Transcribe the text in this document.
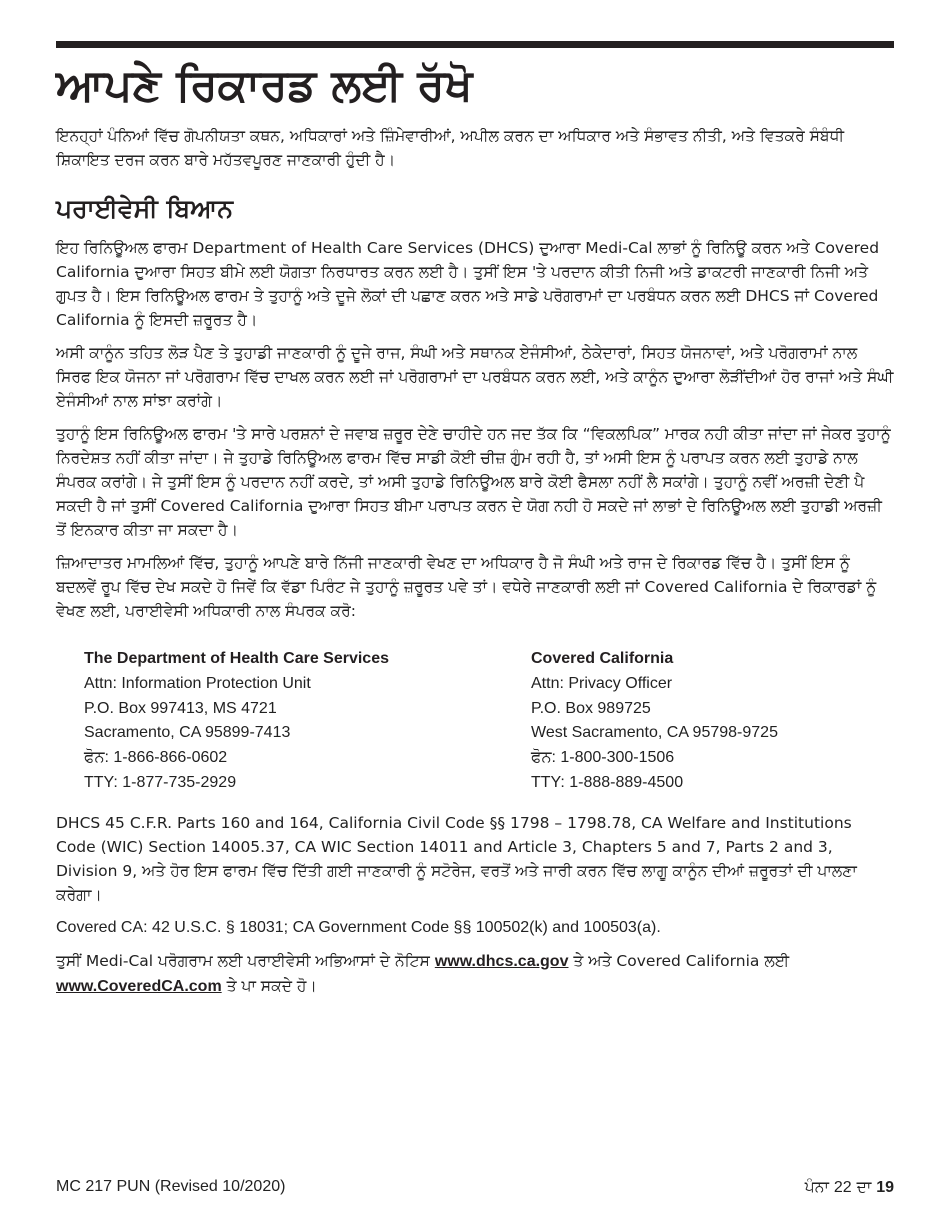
ਆਪਣੇ ਰਿਕਾਰਡ ਲਈ ਰੱਖੋ
ਇਨਹ੍ਹਾਂ ਪੰਨਿਆਂ ਵਿੱਚ ਗੋਪਨੀਯਤਾ ਕਥਨ, ਅਧਿਕਾਰਾਂ ਅਤੇ ਜ਼ਿੰਮੇਵਾਰੀਆਂ, ਅਪੀਲ ਕਰਨ ਦਾ ਅਧਿਕਾਰ ਅਤੇ ਸੰਭਾਵਤ ਨੀਤੀ, ਅਤੇ ਵਿਤਕਰੇ ਸੰਬੰਧੀ ਸ਼ਿਕਾਇਤ ਦਰਜ ਕਰਨ ਬਾਰੇ ਮਹੱਤਵਪੂਰਣ ਜਾਣਕਾਰੀ ਹੁੰਦੀ ਹੈ।
ਪਰਾਈਵੇਸੀ ਬਿਆਨ

ਇਹ ਰਿਨਿਊਅਲ ਫਾਰਮ Department of Health Care Services (DHCS) ਦੁਆਰਾ Medi-Cal ਲਾਭਾਂ ਨੂੰ ਰਿਨਿਊ ਕਰਨ ਅਤੇ Covered California ਦੁਆਰਾ ਸਿਹਤ ਬੀਮੇ ਲਈ ਯੋਗਤਾ ਨਿਰਧਾਰਤ ਕਰਨ ਲਈ ਹੈ। ਤੁਸੀਂ ਇਸ 'ਤੇ ਪਰਦਾਨ ਕੀਤੀ ਨਿਜੀ ਅਤੇ ਡਾਕਟਰੀ ਜਾਣਕਾਰੀ ਨਿਜੀ ਅਤੇ ਗੁਪਤ ਹੈ। ਇਸ ਰਿਨਿਊਅਲ ਫਾਰਮ ਤੇ ਤੁਹਾਨੂੰ ਅਤੇ ਦੂਜੇ ਲੋਕਾਂ ਦੀ ਪਛਾਣ ਕਰਨ ਅਤੇ ਸਾਡੇ ਪਰੋਗਰਾਮਾਂ ਦਾ ਪਰਬੰਧਨ ਕਰਨ ਲਈ DHCS ਜਾਂ Covered California ਨੂੰ ਇਸਦੀ ਜ਼ਰੂਰਤ ਹੈ।

ਅਸੀ ਕਾਨੂੰਨ ਤਹਿਤ ਲੋੜ ਪੈਣ ਤੇ ਤੁਹਾਡੀ ਜਾਣਕਾਰੀ ਨੂੰ ਦੂਜੇ ਰਾਜ, ਸੰਘੀ ਅਤੇ ਸਥਾਨਕ ਏਜੰਸੀਆਂ, ਠੇਕੇਦਾਰਾਂ, ਸਿਹਤ ਯੋਜਨਾਵਾਂ, ਅਤੇ ਪਰੋਗਰਾਮਾਂ ਨਾਲ ਸਿਰਫ ਇਕ ਯੋਜਨਾ ਜਾਂ ਪਰੋਗਰਾਮ ਵਿੱਚ ਦਾਖਲ ਕਰਨ ਲਈ ਜਾਂ ਪਰੋਗਰਾਮਾਂ ਦਾ ਪਰਬੰਧਨ ਕਰਨ ਲਈ, ਅਤੇ ਕਾਨੂੰਨ ਦੁਆਰਾ ਲੋੜੀਂਦੀਆਂ ਹੋਰ ਰਾਜਾਂ ਅਤੇ ਸੰਘੀ ਏਜੰਸੀਆਂ ਨਾਲ ਸਾਂਝਾ ਕਰਾਂਗੇ।

ਤੁਹਾਨੂੰ ਇਸ ਰਿਨਿਊਅਲ ਫਾਰਮ 'ਤੇ ਸਾਰੇ ਪਰਸ਼ਨਾਂ ਦੇ ਜਵਾਬ ਜ਼ਰੂਰ ਦੇਣੇ ਚਾਹੀਦੇ ਹਨ ਜਦ ਤੱਕ ਕਿ “ਵਿਕਲਪਿਕ” ਮਾਰਕ ਨਹੀ ਕੀਤਾ ਜਾਂਦਾ ਜਾਂ ਜੇਕਰ ਤੁਹਾਨੂੰ ਨਿਰਦੇਸ਼ਤ ਨਹੀਂ ਕੀਤਾ ਜਾਂਦਾ। ਜੇ ਤੁਹਾਡੇ ਰਿਨਿਊਅਲ ਫਾਰਮ ਵਿੱਚ ਸਾਡੀ ਕੋਈ ਚੀਜ਼ ਗੁੰਮ ਰਹੀ ਹੈ, ਤਾਂ ਅਸੀ ਇਸ ਨੂੰ ਪਰਾਪਤ ਕਰਨ ਲਈ ਤੁਹਾਡੇ ਨਾਲ ਸੰਪਰਕ ਕਰਾਂਗੇ। ਜੇ ਤੁਸੀਂ ਇਸ ਨੂੰ ਪਰਦਾਨ ਨਹੀਂ ਕਰਦੇ, ਤਾਂ ਅਸੀ ਤੁਹਾਡੇ ਰਿਨਿਊਅਲ ਬਾਰੇ ਕੋਈ ਫੈਸਲਾ ਨਹੀਂ ਲੈ ਸਕਾਂਗੇ। ਤੁਹਾਨੂੰ ਨਵੀਂ ਅਰਜ਼ੀ ਦੇਣੀ ਪੈ ਸਕਦੀ ਹੈ ਜਾਂ ਤੁਸੀਂ Covered California ਦੁਆਰਾ ਸਿਹਤ ਬੀਮਾ ਪਰਾਪਤ ਕਰਨ ਦੇ ਯੋਗ ਨਹੀ ਹੋ ਸਕਦੇ ਜਾਂ ਲਾਭਾਂ ਦੇ ਰਿਨਿਊਅਲ ਲਈ ਤੁਹਾਡੀ ਅਰਜ਼ੀ ਤੋਂ ਇਨਕਾਰ ਕੀਤਾ ਜਾ ਸਕਦਾ ਹੈ।

ਜ਼ਿਆਦਾਤਰ ਮਾਮਲਿਆਂ ਵਿੱਚ, ਤੁਹਾਨੂੰ ਆਪਣੇ ਬਾਰੇ ਨਿੱਜੀ ਜਾਣਕਾਰੀ ਵੇਖਣ ਦਾ ਅਧਿਕਾਰ ਹੈ ਜੋ ਸੰਘੀ ਅਤੇ ਰਾਜ ਦੇ ਰਿਕਾਰਡ ਵਿੱਚ ਹੈ। ਤੁਸੀਂ ਇਸ ਨੂੰ ਬਦਲਵੇਂ ਰੂਪ ਵਿੱਚ ਦੇਖ ਸਕਦੇ ਹੋ ਜਿਵੇਂ ਕਿ ਵੱਡਾ ਪਿਰੰਟ ਜੇ ਤੁਹਾਨੂੰ ਜ਼ਰੂਰਤ ਪਵੇ ਤਾਂ। ਵਧੇਰੇ ਜਾਣਕਾਰੀ ਲਈ ਜਾਂ Covered California ਦੇ ਰਿਕਾਰਡਾਂ ਨੂੰ ਵੇਖਣ ਲਈ, ਪਰਾਈਵੇਸੀ ਅਧਿਕਾਰੀ ਨਾਲ ਸੰਪਰਕ ਕਰੋ:

The Department of Health Care Services
Attn: Information Protection Unit
P.O. Box 997413, MS 4721
Sacramento, CA 95899-7413
ਫੋਨ: 1-866-866-0602
TTY: 1-877-735-2929
Covered California
Attn: Privacy Officer
P.O. Box 989725
West Sacramento, CA 95798-9725
ਫੋਨ: 1-800-300-1506
TTY: 1-888-889-4500

DHCS 45 C.F.R. Parts 160 and 164, California Civil Code §§ 1798 – 1798.78, CA Welfare and Institutions Code (WIC) Section 14005.37, CA WIC Section 14011 and Article 3, Chapters 5 and 7, Parts 2 and 3, Division 9, ਅਤੇ ਹੋਰ ਇਸ ਫਾਰਮ ਵਿੱਚ ਦਿੱਤੀ ਗਈ ਜਾਣਕਾਰੀ ਨੂੰ ਸਟੋਰੇਜ, ਵਰਤੋਂ ਅਤੇ ਜਾਰੀ ਕਰਨ ਵਿੱਚ ਲਾਗੂ ਕਾਨੂੰਨ ਦੀਆਂ ਜ਼ਰੂਰਤਾਂ ਦੀ ਪਾਲਣਾ ਕਰੇਗਾ।

Covered CA: 42 U.S.C. § 18031; CA Government Code §§ 100502(k) and 100503(a).

ਤੁਸੀਂ Medi-Cal ਪਰੋਗਰਾਮ ਲਈ ਪਰਾਈਵੇਸੀ ਅਭਿਆਸਾਂ ਦੇ ਨੋਟਿਸ www.dhcs.ca.gov ਤੇ ਅਤੇ Covered California ਲਈ
www.CoveredCA.com ਤੇ ਪਾ ਸਕਦੇ ਹੋ।

MC 217 PUN (Revised 10/2020)	ਪੰਨਾ 22 ਦਾ 19
